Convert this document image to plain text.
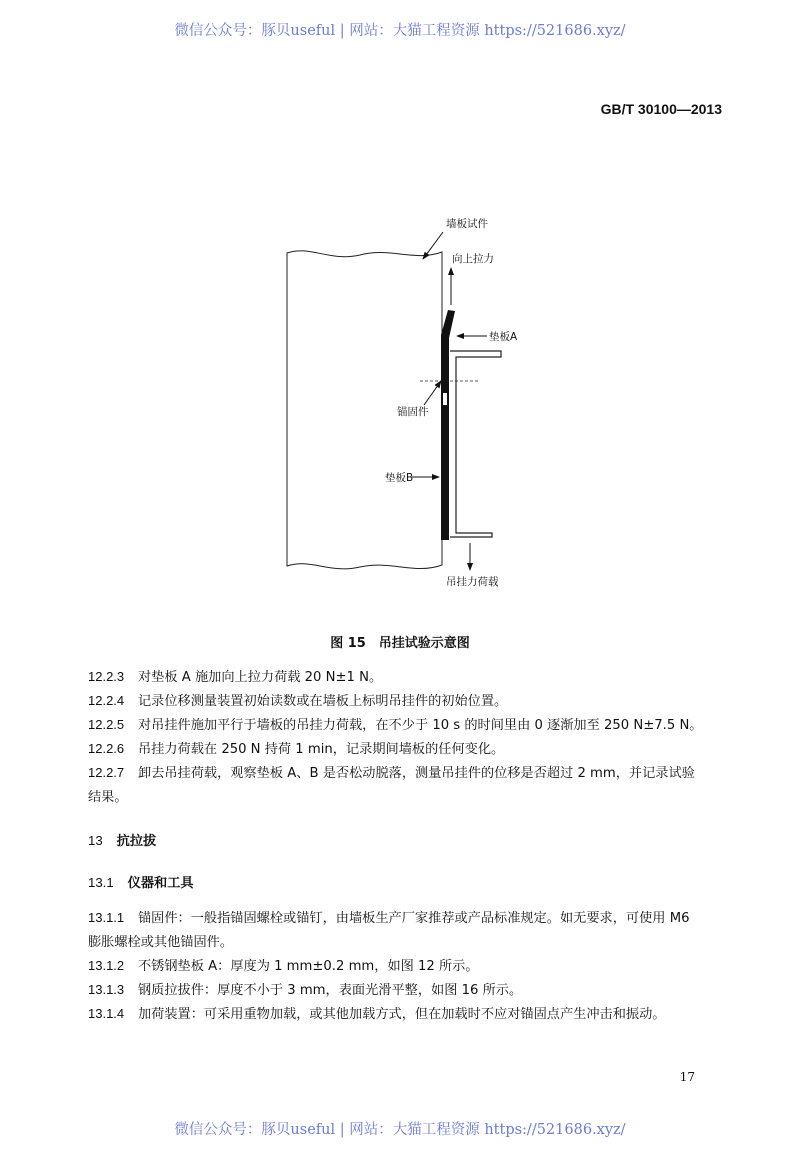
微信公众号：豚贝useful | 网站：大猫工程资源 https://521686.xyz/
GB/T 30100—2013
墙板试件
向上拉力
垫板A
锚固件
垫板B
吊挂力荷载
图 15　吊挂试验示意图
12.2.3 对垫板 A 施加向上拉力荷载 20 N±1 N。
12.2.4 记录位移测量装置初始读数或在墙板上标明吊挂件的初始位置。
12.2.5 对吊挂件施加平行于墙板的吊挂力荷载，在不少于 10 s 的时间里由 0 逐渐加至 250 N±7.5 N。
12.2.6 吊挂力荷载在 250 N 持荷 1 min，记录期间墙板的任何变化。
12.2.7 卸去吊挂荷载，观察垫板 A、B 是否松动脱落，测量吊挂件的位移是否超过 2 mm，并记录试验
结果。
13 抗拉拔
13.1 仪器和工具
13.1.1 锚固件：一般指锚固螺栓或锚钉，由墙板生产厂家推荐或产品标准规定。如无要求，可使用 M6
膨胀螺栓或其他锚固件。
13.1.2 不锈钢垫板 A：厚度为 1 mm±0.2 mm，如图 12 所示。
13.1.3 钢质拉拔件：厚度不小于 3 mm，表面光滑平整，如图 16 所示。
13.1.4 加荷装置：可采用重物加载，或其他加载方式，但在加载时不应对锚固点产生冲击和振动。
17
微信公众号：豚贝useful | 网站：大猫工程资源 https://521686.xyz/
